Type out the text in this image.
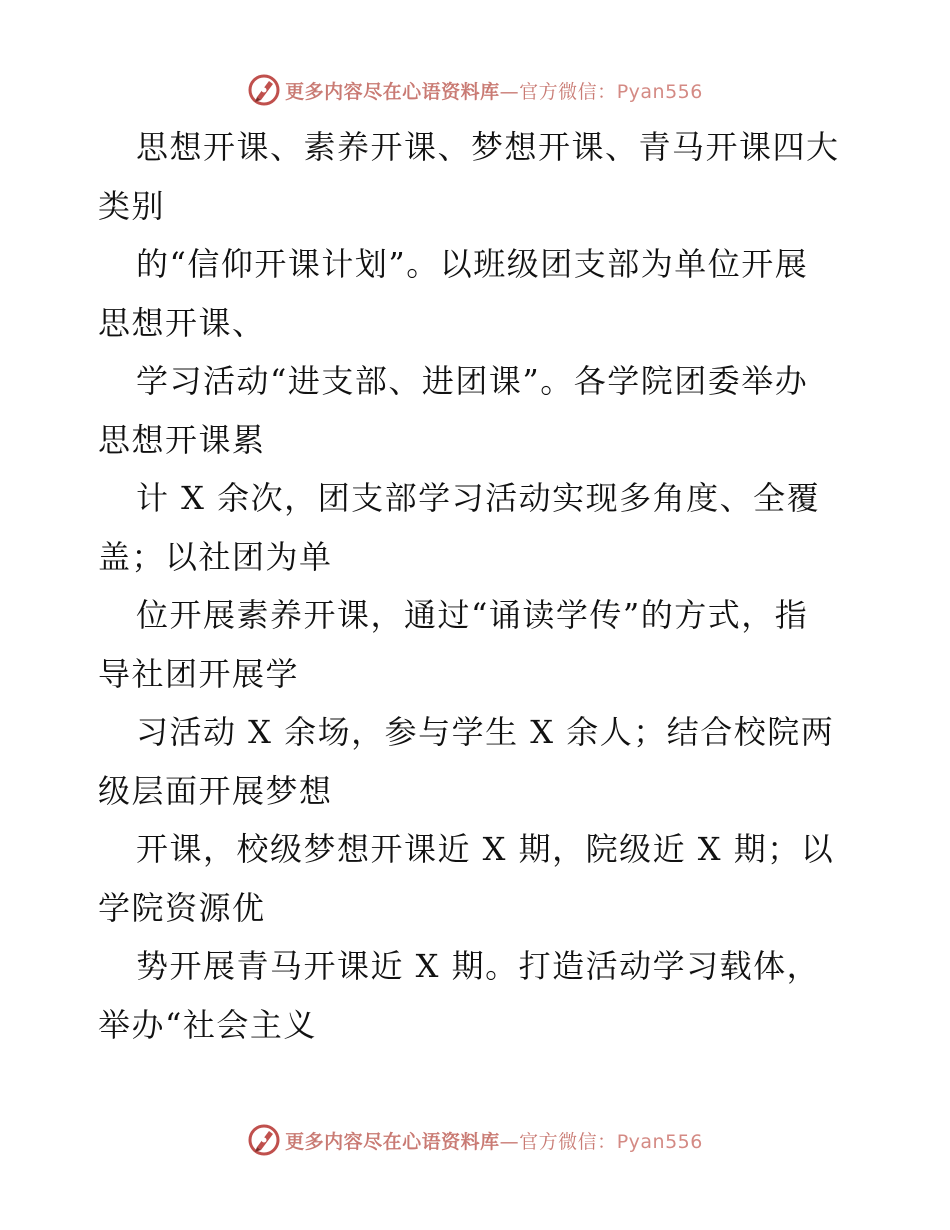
更多内容尽在心语资料库—官方微信：Pyan556
思想开课、素养开课、梦想开课、青马开课四大
类别
的“信仰开课计划”。以班级团支部为单位开展
思想开课、
学习活动“进支部、进团课”。各学院团委举办
思想开课累
计 X 余次，团支部学习活动实现多角度、全覆
盖；以社团为单
位开展素养开课，通过“诵读学传”的方式，指
导社团开展学
习活动 X 余场，参与学生 X 余人；结合校院两
级层面开展梦想
开课，校级梦想开课近 X 期，院级近 X 期；以
学院资源优
势开展青马开课近 X 期。打造活动学习载体，
举办“社会主义
更多内容尽在心语资料库—官方微信：Pyan556
